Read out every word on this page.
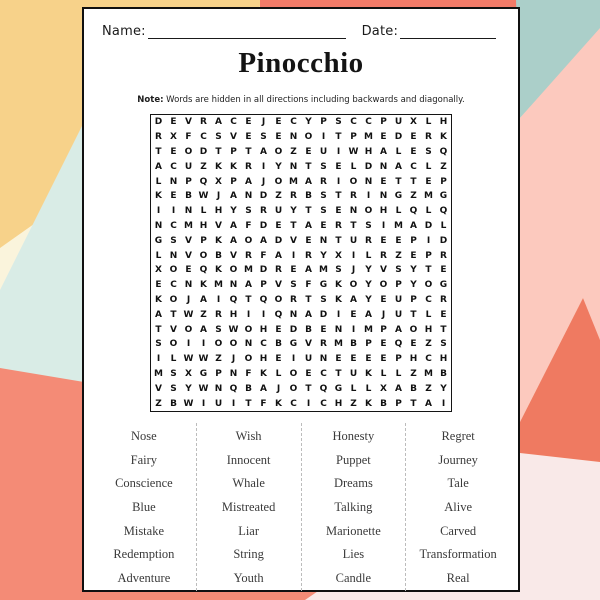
Name:	Date:
Pinocchio

Note: Words are hidden in all directions including backwards and diagonally.

D E V R A C E	J	E C Y P S C C P U X L H
R X F C S V E S E N O	I	T P M E D E R K
T E O D T P T A O Z E U	I W H A L	E S Q
A C U Z K K R	I	Y N T S E	L D N A C L Z
L N P Q X P A	J	O M A R	I	O N E T T E P
K E B W J	A N D Z R B S T R	I	N G Z M G
I	I	N L H Y S R U Y T S E N O H L Q L Q
N C M H V A F D E T A E R T S	I M A D L
G S V P K A O A D V E N T U R E E P	I	D
L N V O B V R F A	I	R Y X	I	L R Z E P R
X O E Q K O M D R E A M S	J	Y V S Y T E
E C N K M N A P V S F G K O Y O P Y O G
K O	J	A	I	Q T Q O R T S K A Y E U P C R
A T W Z R H	I	I	Q N A D	I	E A	J	U T	L	E
T V O A S W O H E D B E N	I M P A O H T
S O	I	I	O O N C B G V R M B P E Q E Z S
I	L W W Z	J	O H E	I	U N E E E E P H C H
M S X G P N F K L O E C T U K L	L Z M B
V S Y W N Q B A	J	O T Q G L	L X A B Z Y
Z B W I	U	I	T F K C	I	C H Z K B P T A	I
Nose
Fairy
Conscience
Blue
Mistake
Redemption
Adventure
Wish
Innocent
Whale
Mistreated
Liar
String
Youth
Honesty
Puppet
Dreams
Talking
Marionette
Lies
Candle
Regret
Journey
Tale
Alive
Carved
Transformation
Real
